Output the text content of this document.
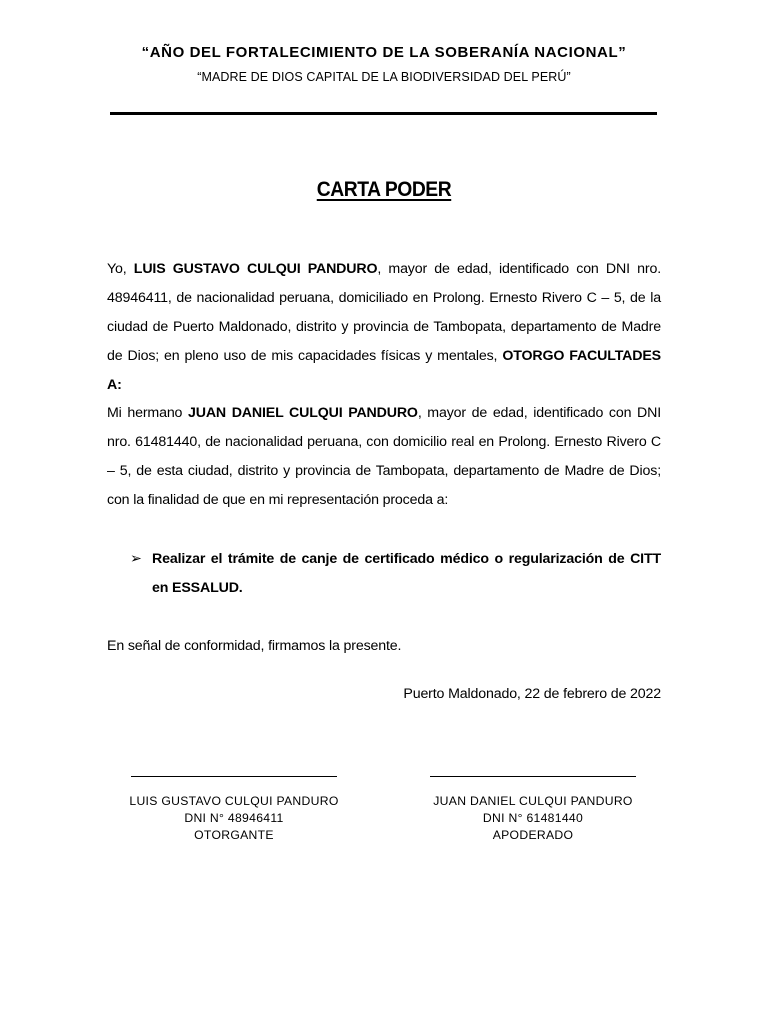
“AÑO DEL FORTALECIMIENTO DE LA SOBERANÍA NACIONAL”
“MADRE DE DIOS CAPITAL DE LA BIODIVERSIDAD DEL PERÚ”
CARTA PODER
Yo, LUIS GUSTAVO CULQUI PANDURO, mayor de edad, identificado con DNI nro. 48946411, de nacionalidad peruana, domiciliado en Prolong. Ernesto Rivero C – 5, de la ciudad de Puerto Maldonado, distrito y provincia de Tambopata, departamento de Madre de Dios; en pleno uso de mis capacidades físicas y mentales, OTORGO FACULTADES A:
Mi hermano JUAN DANIEL CULQUI PANDURO, mayor de edad, identificado con DNI nro. 61481440, de nacionalidad peruana, con domicilio real en Prolong. Ernesto Rivero C – 5, de esta ciudad, distrito y provincia de Tambopata, departamento de Madre de Dios; con la finalidad de que en mi representación proceda a:
➢ Realizar el trámite de canje de certificado médico o regularización de CITT en ESSALUD.
En señal de conformidad, firmamos la presente.
Puerto Maldonado, 22 de febrero de 2022
LUIS GUSTAVO CULQUI PANDURO
DNI N° 48946411
OTORGANTE
JUAN DANIEL CULQUI PANDURO
DNI N° 61481440
APODERADO
